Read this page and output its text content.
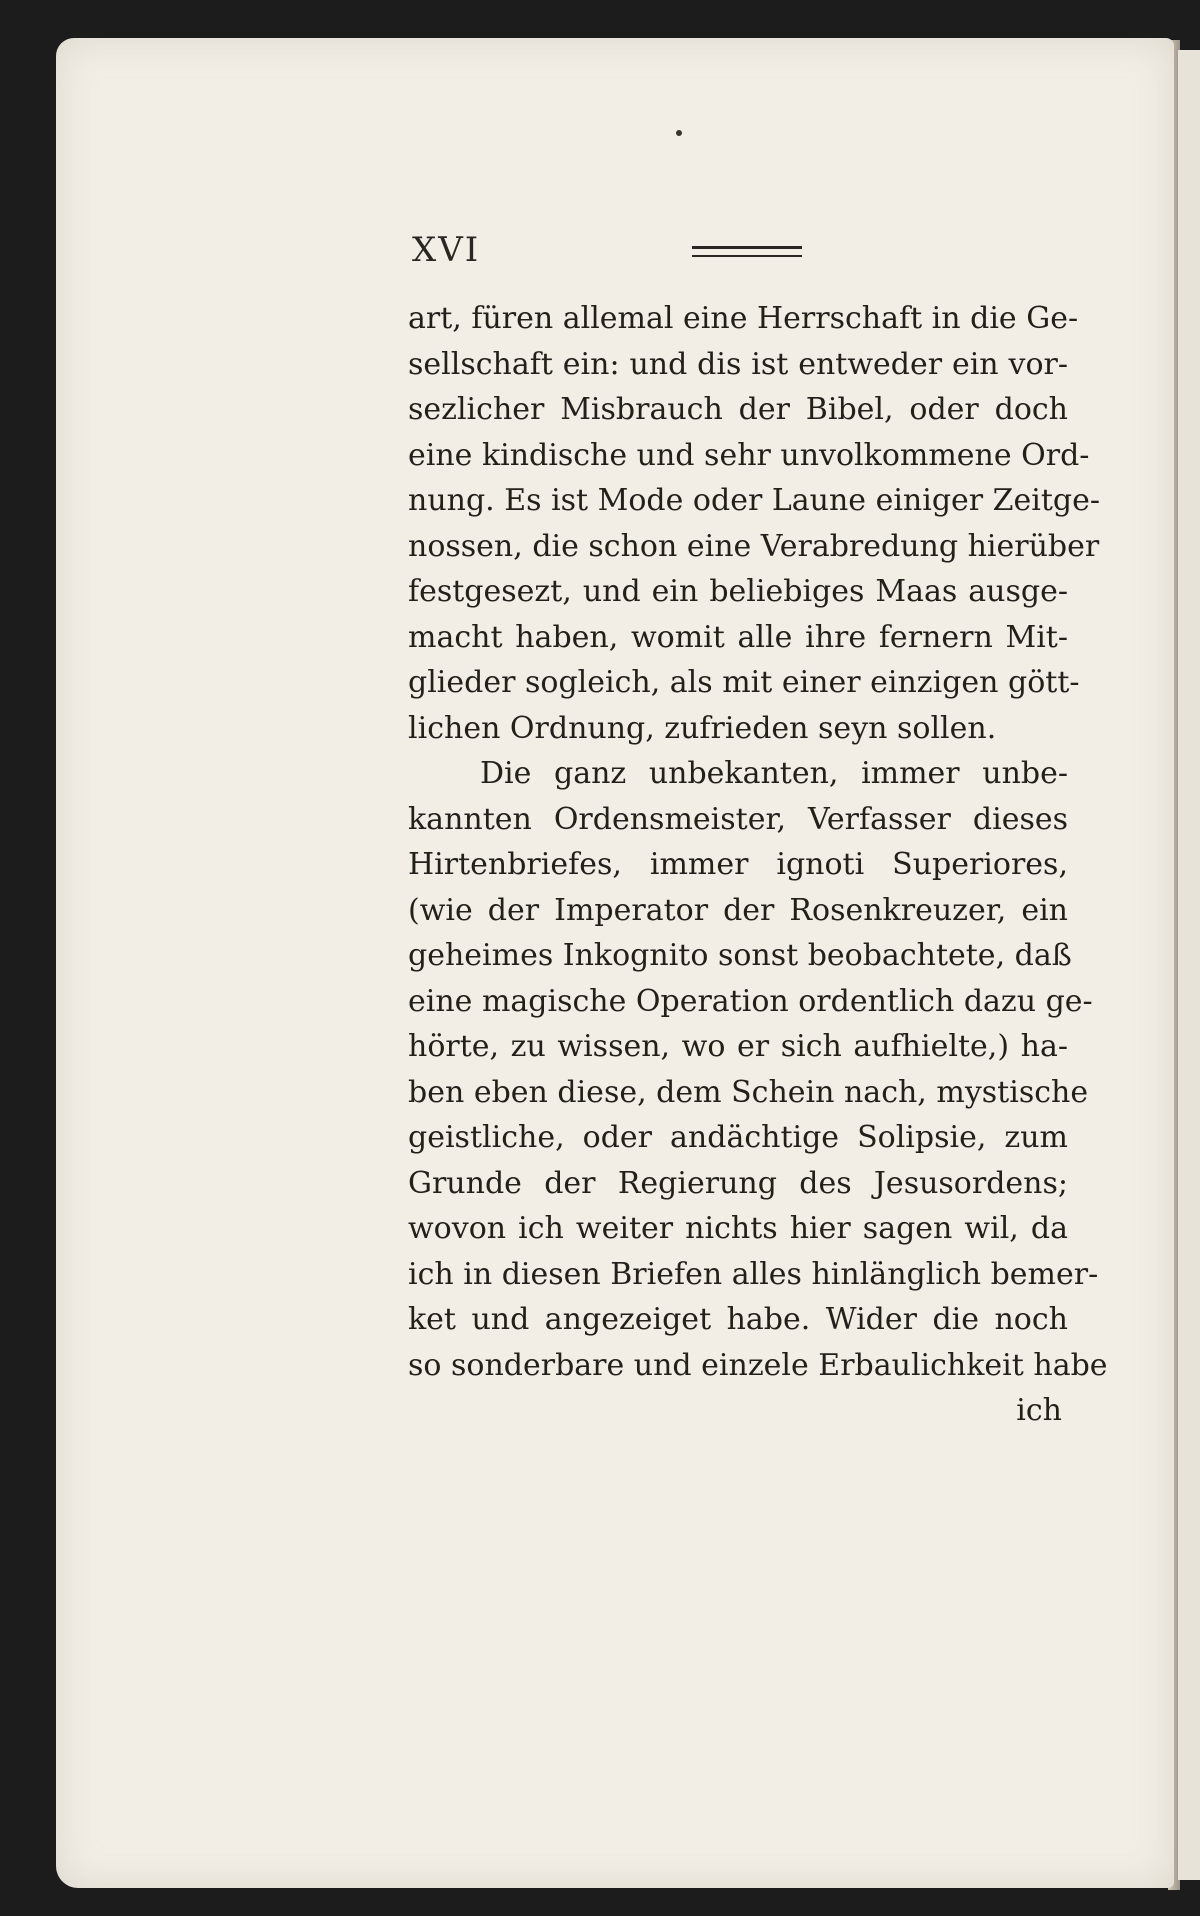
XVI
art, füren allemal eine Herrschaft in die Ge-
sellschaft ein: und dis ist entweder ein vor-
sezlicher Misbrauch der Bibel, oder doch
eine kindische und sehr unvolkommene Ord-
nung. Es ist Mode oder Laune einiger Zeitge-
nossen, die schon eine Verabredung hierüber
festgesezt, und ein beliebiges Maas ausge-
macht haben, womit alle ihre fernern Mit-
glieder sogleich, als mit einer einzigen gött-
lichen Ordnung, zufrieden seyn sollen.
Die ganz unbekanten, immer unbe-
kannten Ordensmeister, Verfasser dieses
Hirtenbriefes, immer ignoti Superiores,
(wie der Imperator der Rosenkreuzer, ein
geheimes Inkognito sonst beobachtete, daß
eine magische Operation ordentlich dazu ge-
hörte, zu wissen, wo er sich aufhielte,) ha-
ben eben diese, dem Schein nach, mystische
geistliche, oder andächtige Solipsie, zum
Grunde der Regierung des Jesusordens;
wovon ich weiter nichts hier sagen wil, da
ich in diesen Briefen alles hinlänglich bemer-
ket und angezeiget habe. Wider die noch
so sonderbare und einzele Erbaulichkeit habe
ich
